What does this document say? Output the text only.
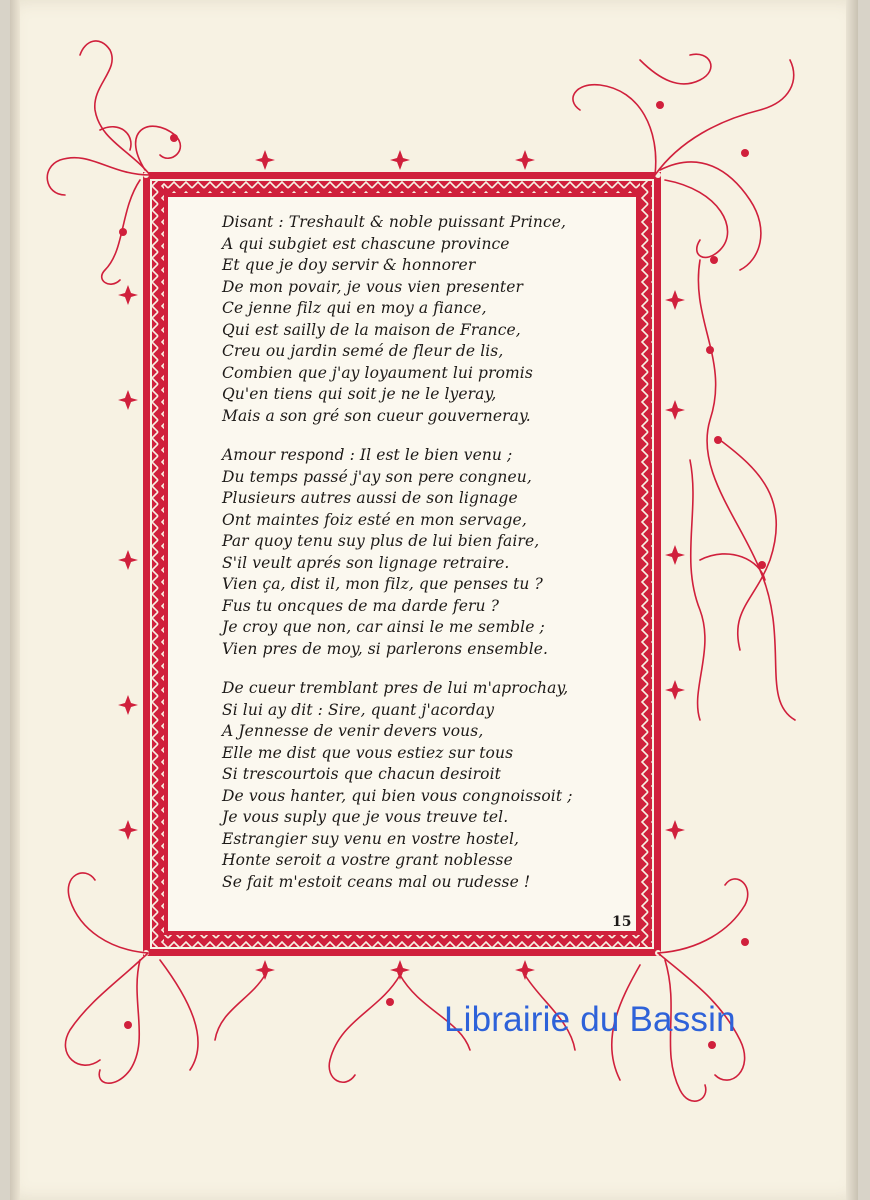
Disant : Treshault & noble puissant Prince,
A qui subgiet est chascune province
Et que je doy servir & honnorer
De mon povair, je vous vien presenter
Ce jenne filz qui en moy a fiance,
Qui est sailly de la maison de France,
Creu ou jardin semé de fleur de lis,
Combien que j'ay loyaument lui promis
Qu'en tiens qui soit je ne le lyeray,
Mais a son gré son cueur gouverneray.
Amour respond : Il est le bien venu ;
Du temps passé j'ay son pere congneu,
Plusieurs autres aussi de son lignage
Ont maintes foiz esté en mon servage,
Par quoy tenu suy plus de lui bien faire,
S'il veult aprés son lignage retraire.
Vien ça, dist il, mon filz, que penses tu ?
Fus tu oncques de ma darde feru ?
Je croy que non, car ainsi le me semble ;
Vien pres de moy, si parlerons ensemble.
De cueur tremblant pres de lui m'aprochay,
Si lui ay dit : Sire, quant j'acorday
A Jennesse de venir devers vous,
Elle me dist que vous estiez sur tous
Si trescourtois que chacun desiroit
De vous hanter, qui bien vous congnoissoit ;
Je vous suply que je vous treuve tel.
Estrangier suy venu en vostre hostel,
Honte seroit a vostre grant noblesse
Se fait m'estoit ceans mal ou rudesse !
15
Librairie du Bassin
